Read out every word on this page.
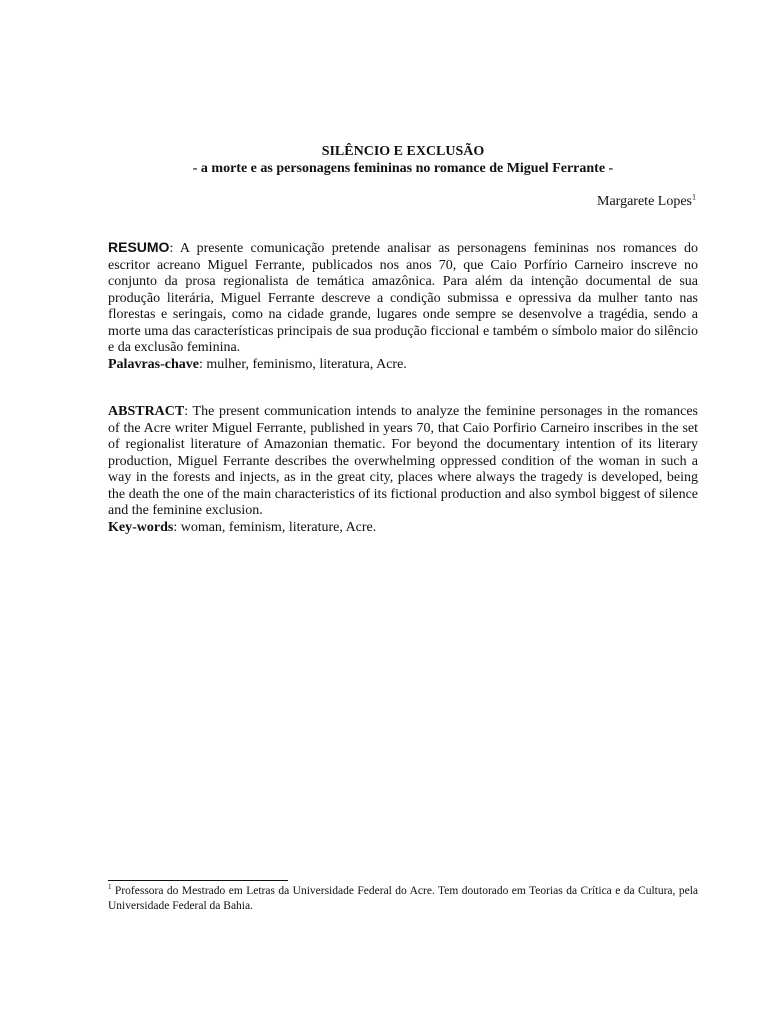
SILÊNCIO E EXCLUSÃO
- a morte e as personagens femininas no romance de Miguel Ferrante -
Margarete Lopes$^1$
RESUMO: A presente comunicação pretende analisar as personagens femininas nos romances do escritor acreano Miguel Ferrante, publicados nos anos 70, que Caio Porfírio Carneiro inscreve no conjunto da prosa regionalista de temática amazônica. Para além da intenção documental de sua produção literária, Miguel Ferrante descreve a condição submissa e opressiva da mulher tanto nas florestas e seringais, como na cidade grande, lugares onde sempre se desenvolve a tragédia, sendo a morte uma das características principais de sua produção ficcional e também o símbolo maior do silêncio e da exclusão feminina.
Palavras-chave: mulher, feminismo, literatura, Acre.
ABSTRACT: The present communication intends to analyze the feminine personages in the romances of the Acre writer Miguel Ferrante, published in years 70, that Caio Porfirio Carneiro inscribes in the set of regionalist literature of Amazonian thematic. For beyond the documentary intention of its literary production, Miguel Ferrante describes the overwhelming oppressed condition of the woman in such a way in the forests and injects, as in the great city, places where always the tragedy is developed, being the death the one of the main characteristics of its fictional production and also symbol biggest of silence and the feminine exclusion.
Key-words: woman, feminism, literature, Acre.
$^1$ Professora do Mestrado em Letras da Universidade Federal do Acre. Tem doutorado em Teorias da Crítica e da Cultura, pela Universidade Federal da Bahia.
